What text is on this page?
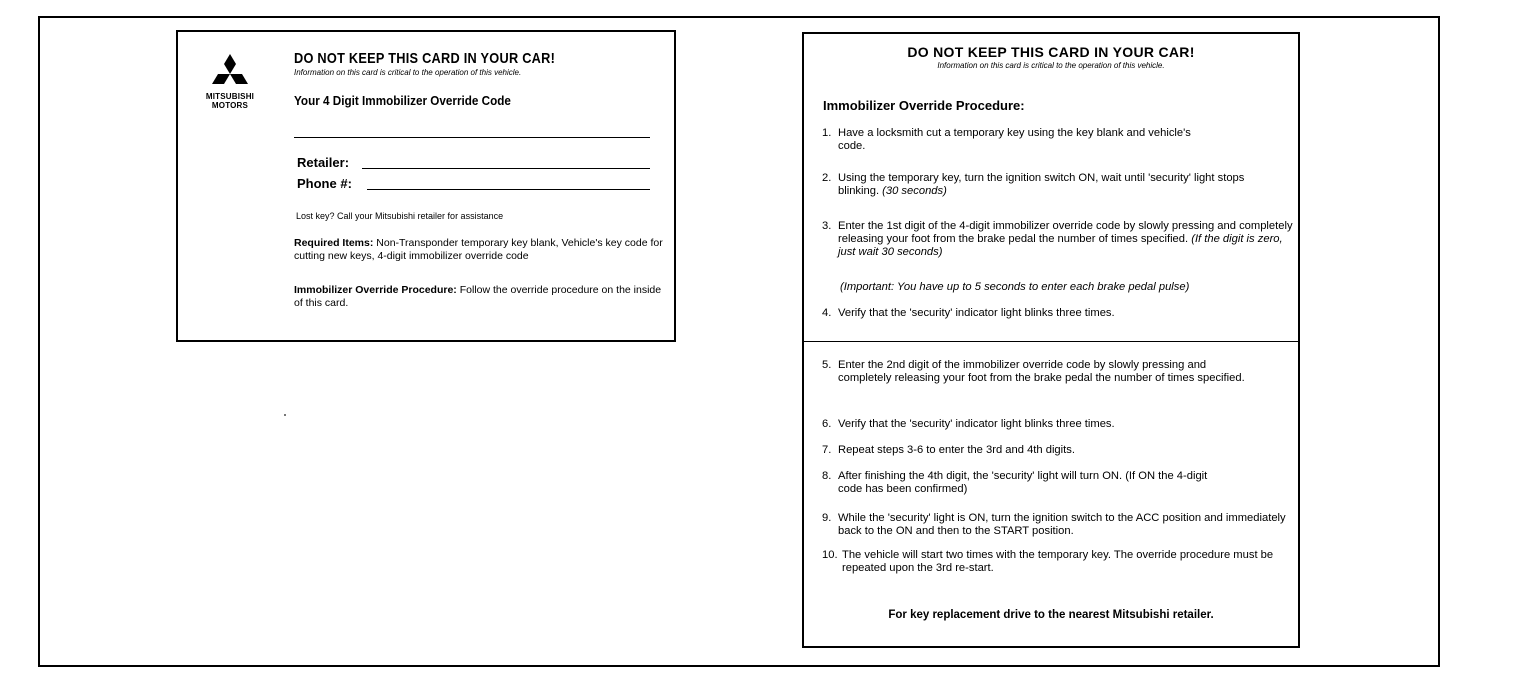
MITSUBISHI
MOTORS
DO NOT KEEP THIS CARD IN YOUR CAR!
Information on this card is critical to the operation of this vehicle.
Your 4 Digit Immobilizer Override Code
Retailer:
Phone #:
Lost key? Call your Mitsubishi retailer for assistance
Required Items: Non-Transponder temporary key blank, Vehicle's key code for cutting new keys, 4-digit immobilizer override code
Immobilizer Override Procedure: Follow the override procedure on the inside of this card.
DO NOT KEEP THIS CARD IN YOUR CAR!
Information on this card is critical to the operation of this vehicle.
Immobilizer Override Procedure:
1. Have a locksmith cut a temporary key using the key blank and vehicle's code.
2. Using the temporary key, turn the ignition switch ON, wait until 'security' light stops blinking. (30 seconds)
3. Enter the 1st digit of the 4-digit immobilizer override code by slowly pressing and completely releasing your foot from the brake pedal the number of times specified. (If the digit is zero, just wait 30 seconds)
(Important: You have up to 5 seconds to enter each brake pedal pulse)
4. Verify that the 'security' indicator light blinks three times.
5. Enter the 2nd digit of the immobilizer override code by slowly pressing and completely releasing your foot from the brake pedal the number of times specified.
6. Verify that the 'security' indicator light blinks three times.
7. Repeat steps 3-6 to enter the 3rd and 4th digits.
8. After finishing the 4th digit, the 'security' light will turn ON. (If ON the 4-digit code has been confirmed)
9. While the 'security' light is ON, turn the ignition switch to the ACC position and immediately back to the ON and then to the START position.
10. The vehicle will start two times with the temporary key. The override procedure must be repeated upon the 3rd re-start.
For key replacement drive to the nearest Mitsubishi retailer.
